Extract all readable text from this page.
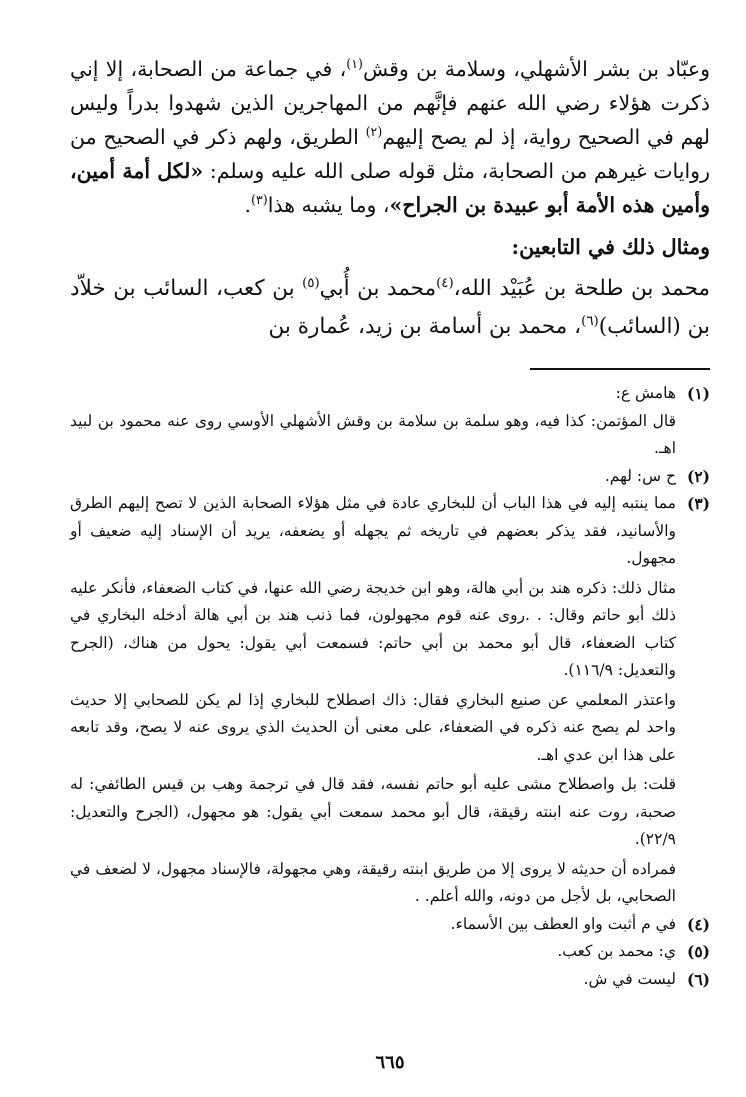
وعبّاد بن بشر الأشهلي، وسلامة بن وقش$^{(١)}$، في جماعة من الصحابة، إلا إني ذكرت هؤلاء رضي الله عنهم فإنَّهم من المهاجرين الذين شهدوا بدراً وليس لهم في الصحيح رواية، إذ لم يصح إليهم$^{(٢)}$ الطريق، ولهم ذكر في الصحيح من روايات غيرهم من الصحابة، مثل قوله صلى الله عليه وسلم: «لكل أمة أمين، وأمين هذه الأمة أبو عبيدة بن الجراح»، وما يشبه هذا$^{(٣)}$.

ومثال ذلك في التابعين:

محمد بن طلحة بن عُبَيْد الله،$^{(٤)}$محمد بن أُبي$^{(٥)}$ بن كعب، السائب بن خلاّد بن (السائب)$^{(٦)}$، محمد بن أسامة بن زيد، عُمارة بن

(١)

هامش ع:

قال المؤتمن: كذا فيه، وهو سلمة بن سلامة بن وقش الأشهلي الأوسي روى عنه محمود بن لبيد اهـ.

(٢)

ح س: لهم.

(٣)

مما ينتبه إليه في هذا الباب أن للبخاري عادة في مثل هؤلاء الصحابة الذين لا تصح إليهم الطرق والأسانيد، فقد يذكر بعضهم في تاريخه ثم يجهله أو يضعفه، يريد أن الإسناد إليه ضعيف أو مجهول.

مثال ذلك: ذكره هند بن أبي هالة، وهو ابن خديجة رضي الله عنها، في كتاب الضعفاء، فأنكر عليه ذلك أبو حاتم وقال: . .روى عنه قوم مجهولون، فما ذنب هند بن أبي هالة أدخله البخاري في كتاب الضعفاء، قال أبو محمد بن أبي حاتم: فسمعت أبي يقول: يحول من هناك، (الجرح والتعديل: ١١٦/٩).

واعتذر المعلمي عن صنيع البخاري فقال: ذاك اصطلاح للبخاري إذا لم يكن للصحابي إلا حديث واحد لم يصح عنه ذكره في الضعفاء، على معنى أن الحديث الذي يروى عنه لا يصح، وقد تابعه على هذا ابن عدي اهـ.

قلت: بل واصطلاح مشى عليه أبو حاتم نفسه، فقد قال في ترجمة وهب بن قيس الطائفي: له صحبة، روت عنه ابنته رقيقة، قال أبو محمد سمعت أبي يقول: هو مجهول، (الجرح والتعديل: ٢٢/٩).

فمراده أن حديثه لا يروى إلا من طريق ابنته رقيقة، وهي مجهولة، فالإسناد مجهول، لا لضعف في الصحابي، بل لأجل من دونه، والله أعلم. .

(٤)

في م أثبت واو العطف بين الأسماء.

(٥)

ي: محمد بن كعب.

(٦)

ليست في ش.

٦٦٥
